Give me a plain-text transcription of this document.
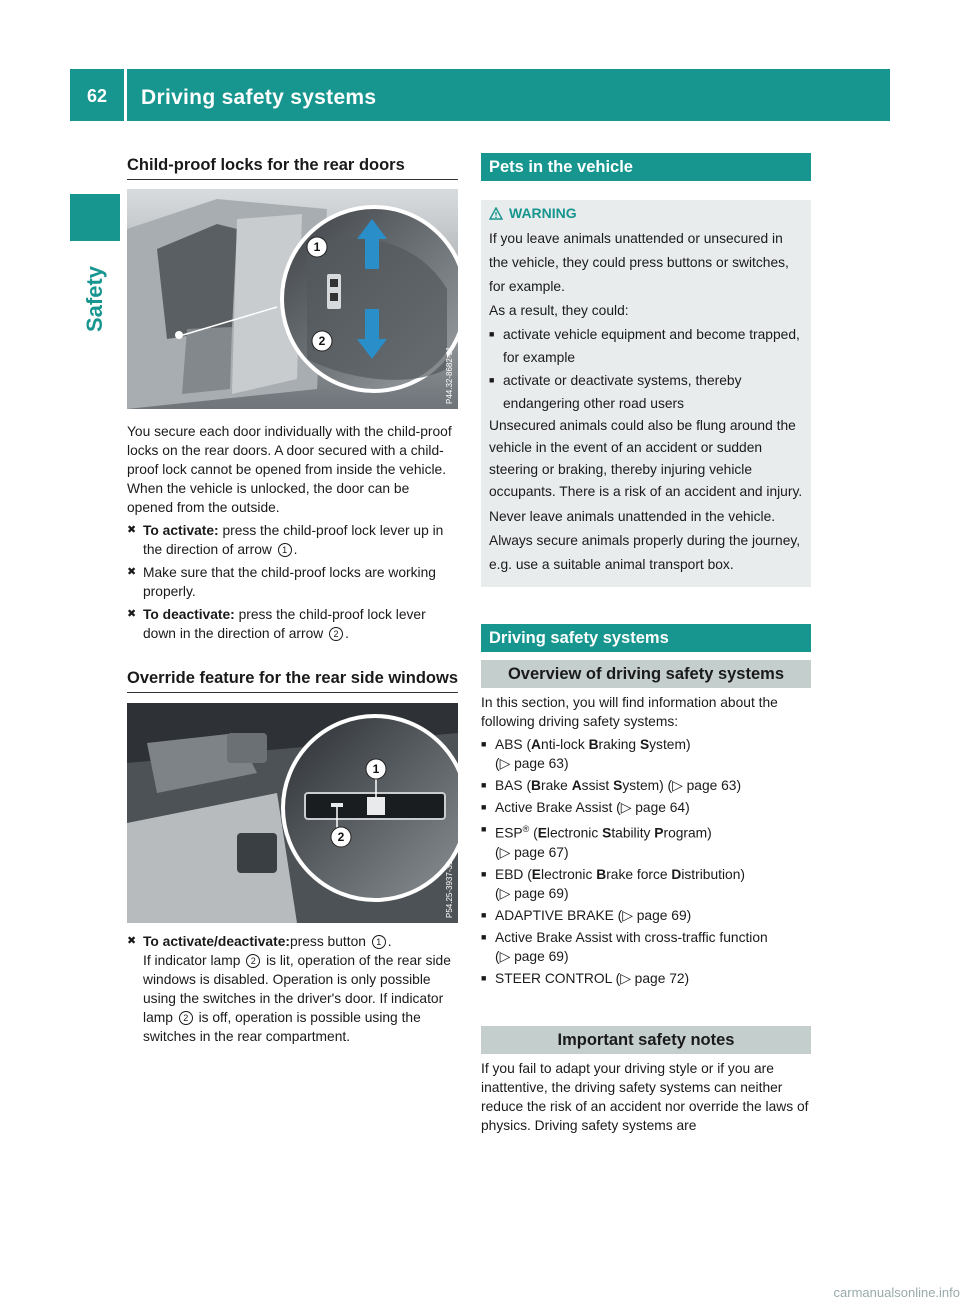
62	Driving safety systems
Safety
Child-proof locks for the rear doors
1
2
P44.32-8682-31

You secure each door individually with the child-proof locks on the rear doors. A door secured with a child-proof lock cannot be opened from inside the vehicle. When the vehicle is unlocked, the door can be opened from the outside.

✖ To activate: press the child-proof lock lever up in the direction of arrow 1 .
✖ Make sure that the child-proof locks are working properly.
✖ To deactivate: press the child-proof lock lever down in the direction of arrow 2 .
Override feature for the rear side windows
1
2
P54.25-3937-31
✖ To activate/deactivate:press button 1 .
If indicator lamp 2 is lit, operation of the rear side windows is disabled. Operation is only possible using the switches in the driver's door. If indicator lamp 2 is off, operation is possible using the switches in the rear compartment.
Pets in the vehicle
WARNING

If you leave animals unattended or unsecured in the vehicle, they could press buttons or switches, for example.

As a result, they could:

■ activate vehicle equipment and become trapped, for example
■ activate or deactivate systems, thereby endangering other road users

Unsecured animals could also be flung around the vehicle in the event of an accident or sudden steering or braking, thereby injuring vehicle occupants. There is a risk of an accident and injury.

Never leave animals unattended in the vehicle. Always secure animals properly during the journey, e.g. use a suitable animal transport box.

Driving safety systems
Overview of driving safety systems

In this section, you will find information about the following driving safety systems:

■ ABS (Anti-lock Braking System)
(▷ page 63)
■ BAS (Brake Assist System) (▷ page 63)
■ Active Brake Assist (▷ page 64)
■ ESP® (Electronic Stability Program)
(▷ page 67)
■ EBD (Electronic Brake force Distribution)
(▷ page 69)
■ ADAPTIVE BRAKE (▷ page 69)
■ Active Brake Assist with cross-traffic function
(▷ page 69)
■ STEER CONTROL (▷ page 72)
Important safety notes

If you fail to adapt your driving style or if you are inattentive, the driving safety systems can neither reduce the risk of an accident nor override the laws of physics. Driving safety systems are

carmanualsonline.info
